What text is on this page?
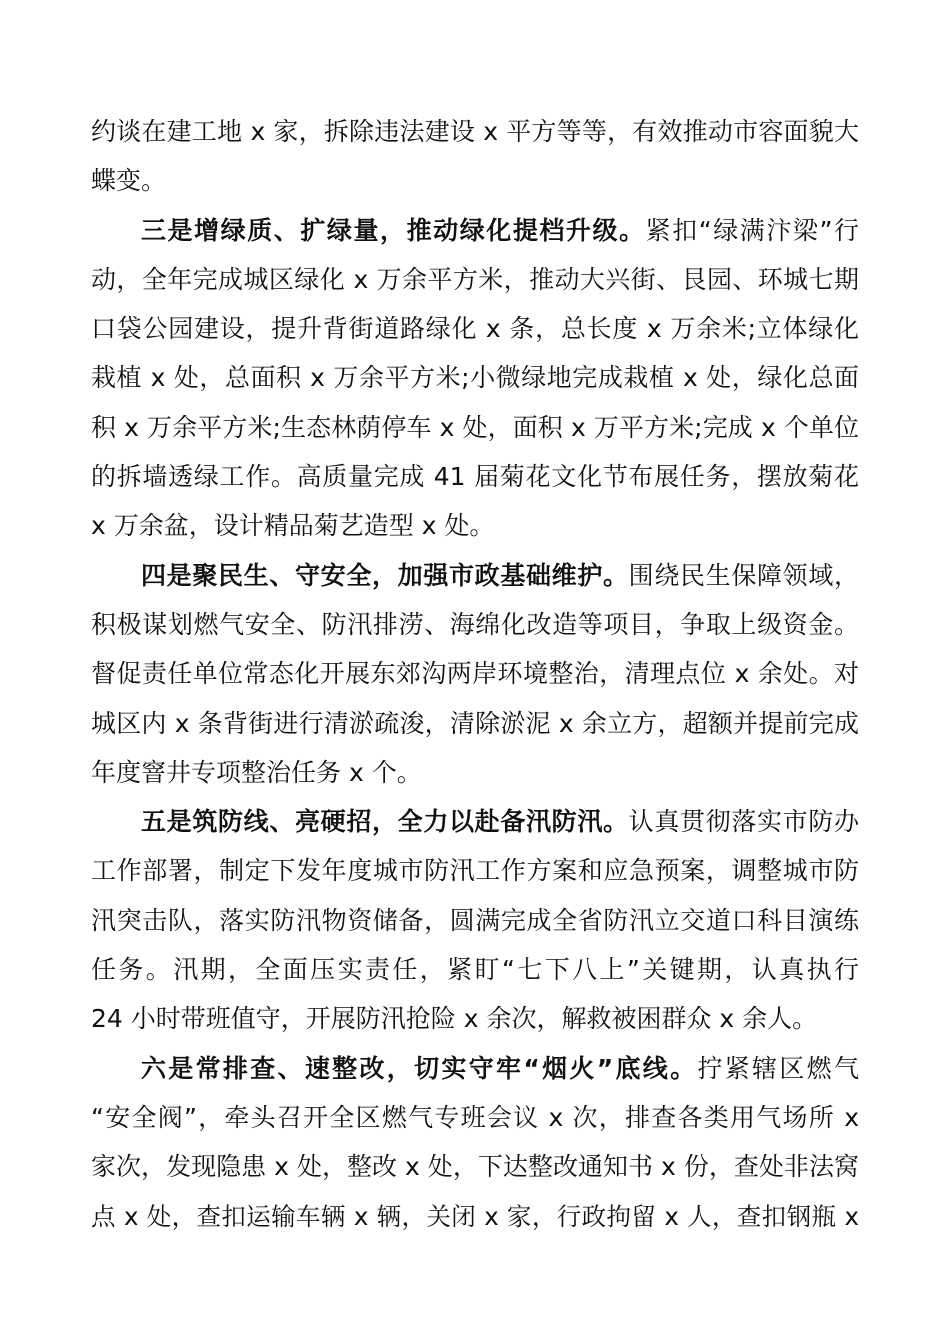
约谈在建工地 x 家，拆除违法建设 x 平方等等，有效推动市容面貌大
蝶变。
三是增绿质、扩绿量，推动绿化提档升级。紧扣“绿满汴梁”行
动，全年完成城区绿化 x 万余平方米，推动大兴街、艮园、环城七期
口袋公园建设，提升背街道路绿化 x 条，总长度 x 万余米;立体绿化
栽植 x 处，总面积 x 万余平方米;小微绿地完成栽植 x 处，绿化总面
积 x 万余平方米;生态林荫停车 x 处，面积 x 万平方米;完成 x 个单位
的拆墙透绿工作。高质量完成 41 届菊花文化节布展任务，摆放菊花
x 万余盆，设计精品菊艺造型 x 处。
四是聚民生、守安全，加强市政基础维护。围绕民生保障领域，
积极谋划燃气安全、防汛排涝、海绵化改造等项目，争取上级资金。
督促责任单位常态化开展东郊沟两岸环境整治，清理点位 x 余处。对
城区内 x 条背街进行清淤疏浚，清除淤泥 x 余立方，超额并提前完成
年度窨井专项整治任务 x 个。
五是筑防线、亮硬招，全力以赴备汛防汛。认真贯彻落实市防办
工作部署，制定下发年度城市防汛工作方案和应急预案，调整城市防
汛突击队，落实防汛物资储备，圆满完成全省防汛立交道口科目演练
任务。汛期，全面压实责任，紧盯“七下八上”关键期，认真执行
24 小时带班值守，开展防汛抢险 x 余次，解救被困群众 x 余人。
六是常排查、速整改，切实守牢“烟火”底线。拧紧辖区燃气
“安全阀”，牵头召开全区燃气专班会议 x 次，排查各类用气场所 x
家次，发现隐患 x 处，整改 x 处，下达整改通知书 x 份，查处非法窝
点 x 处，查扣运输车辆 x 辆，关闭 x 家，行政拘留 x 人，查扣钢瓶 x
